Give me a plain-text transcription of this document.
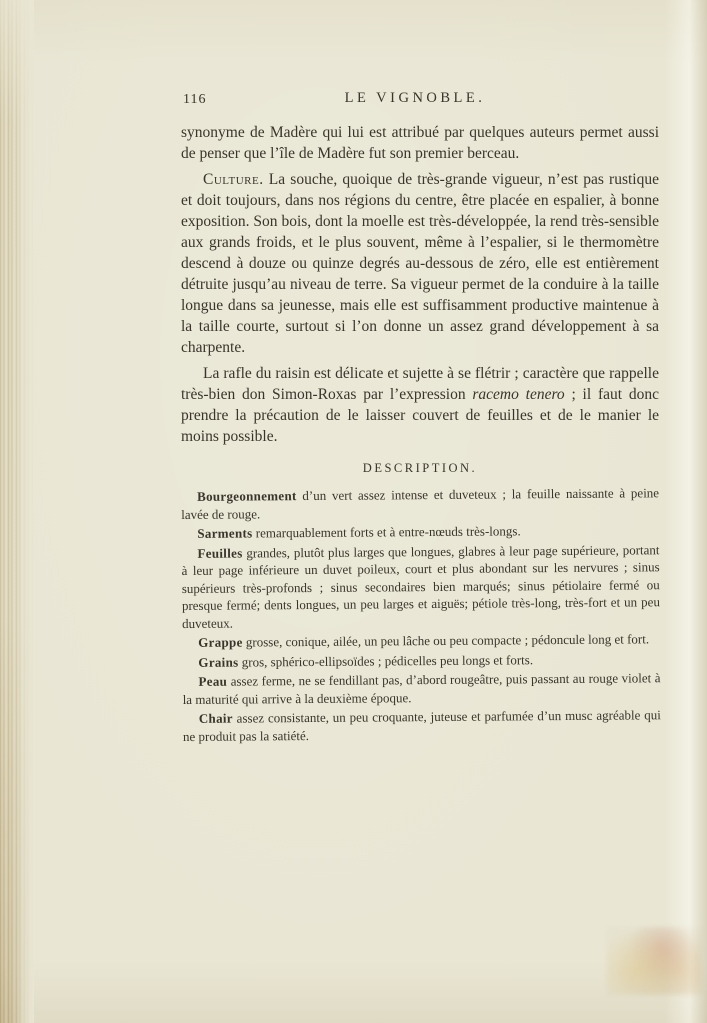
116	LE VIGNOBLE.

synonyme de Madère qui lui est attribué par quelques auteurs permet aussi de penser que l’île de Madère fut son premier berceau.

Culture. La souche, quoique de très-grande vigueur, n’est pas rustique et doit toujours, dans nos régions du centre, être placée en espalier, à bonne exposition. Son bois, dont la moelle est très-développée, la rend très-sensible aux grands froids, et le plus souvent, même à l’espalier, si le thermomètre descend à douze ou quinze degrés au-dessous de zéro, elle est entièrement détruite jusqu’au niveau de terre. Sa vigueur permet de la conduire à la taille longue dans sa jeunesse, mais elle est suffisamment productive maintenue à la taille courte, surtout si l’on donne un assez grand développement à sa charpente.

La rafle du raisin est délicate et sujette à se flétrir ; caractère que rappelle très-bien don Simon-Roxas par l’expression racemo tenero ; il faut donc prendre la précaution de le laisser couvert de feuilles et de le manier le moins possible.

DESCRIPTION.

Bourgeonnement d’un vert assez intense et duveteux ; la feuille naissante à peine lavée de rouge.

Sarments remarquablement forts et à entre-nœuds très-longs.

Feuilles grandes, plutôt plus larges que longues, glabres à leur page supérieure, portant à leur page inférieure un duvet poileux, court et plus abondant sur les nervures ; sinus supérieurs très-profonds ; sinus secondaires bien marqués; sinus pétiolaire fermé ou presque fermé; dents longues, un peu larges et aiguës; pétiole très-long, très-fort et un peu duveteux.

Grappe grosse, conique, ailée, un peu lâche ou peu compacte ; pédoncule long et fort.

Grains gros, sphérico-ellipsoïdes ; pédicelles peu longs et forts.

Peau assez ferme, ne se fendillant pas, d’abord rougeâtre, puis passant au rouge violet à la maturité qui arrive à la deuxième époque.

Chair assez consistante, un peu croquante, juteuse et parfumée d’un musc agréable qui ne produit pas la satiété.
